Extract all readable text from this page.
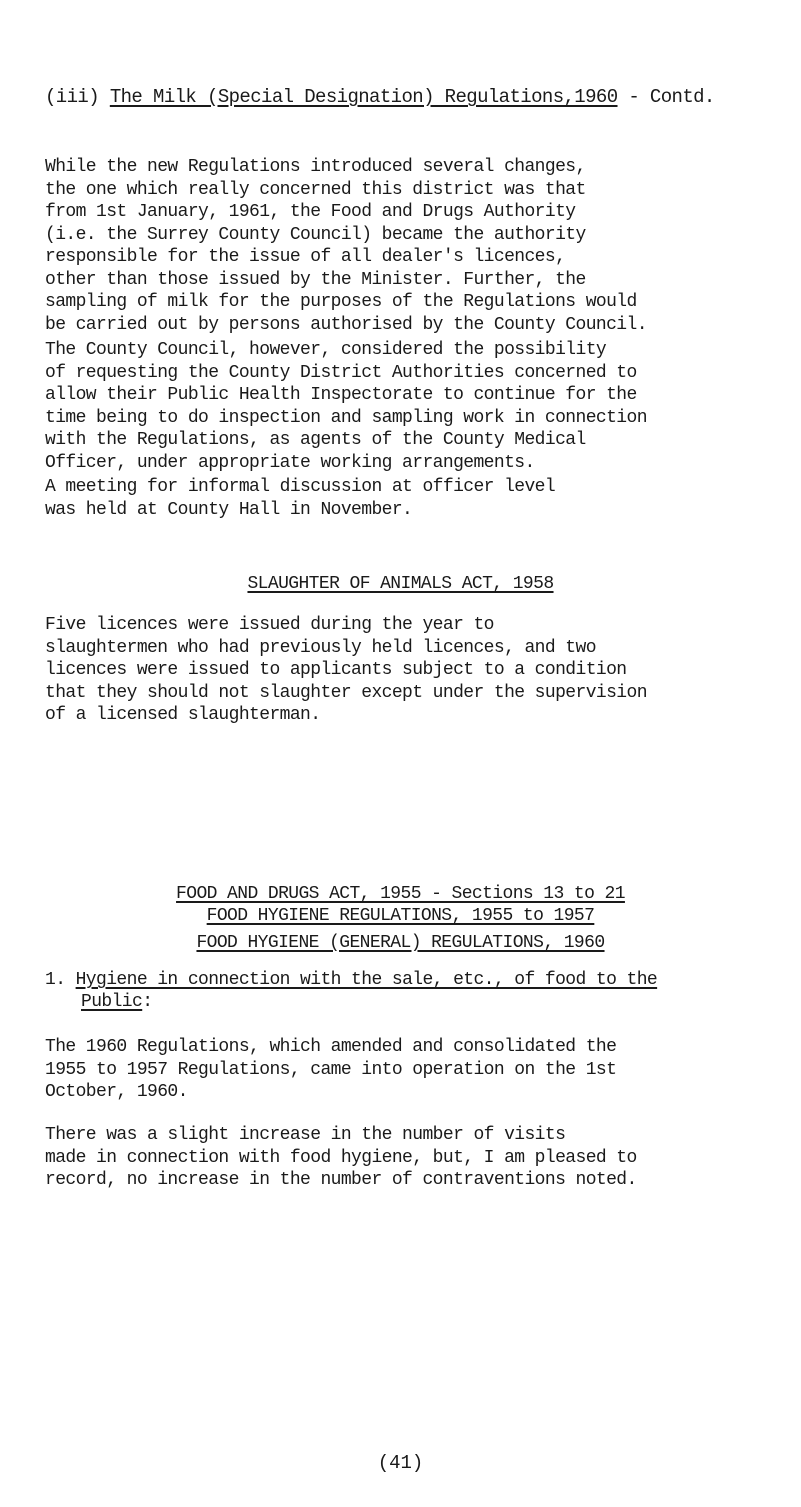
(iii) The Milk (Special Designation) Regulations,1960 - Contd.

While the new Regulations introduced several changes,
the one which really concerned this district was that
from 1st January, 1961, the Food and Drugs Authority
(i.e. the Surrey County Council) became the authority
responsible for the issue of all dealer's licences,
other than those issued by the Minister. Further, the
sampling of milk for the purposes of the Regulations would
be carried out by persons authorised by the County Council.

The County Council, however, considered the possibility
of requesting the County District Authorities concerned to
allow their Public Health Inspectorate to continue for the
time being to do inspection and sampling work in connection
with the Regulations, as agents of the County Medical
Officer, under appropriate working arrangements.

A meeting for informal discussion at officer level
was held at County Hall in November.

SLAUGHTER OF ANIMALS ACT, 1958

Five licences were issued during the year to
slaughtermen who had previously held licences, and two
licences were issued to applicants subject to a condition
that they should not slaughter except under the supervision
of a licensed slaughterman.

FOOD AND DRUGS ACT, 1955 - Sections 13 to 21
FOOD HYGIENE REGULATIONS, 1955 to 1957
FOOD HYGIENE (GENERAL) REGULATIONS, 1960
1. Hygiene in connection with the sale, etc., of food to the
Public:

The 1960 Regulations, which amended and consolidated the
1955 to 1957 Regulations, came into operation on the 1st
October, 1960.

There was a slight increase in the number of visits
made in connection with food hygiene, but, I am pleased to
record, no increase in the number of contraventions noted.

(41)
